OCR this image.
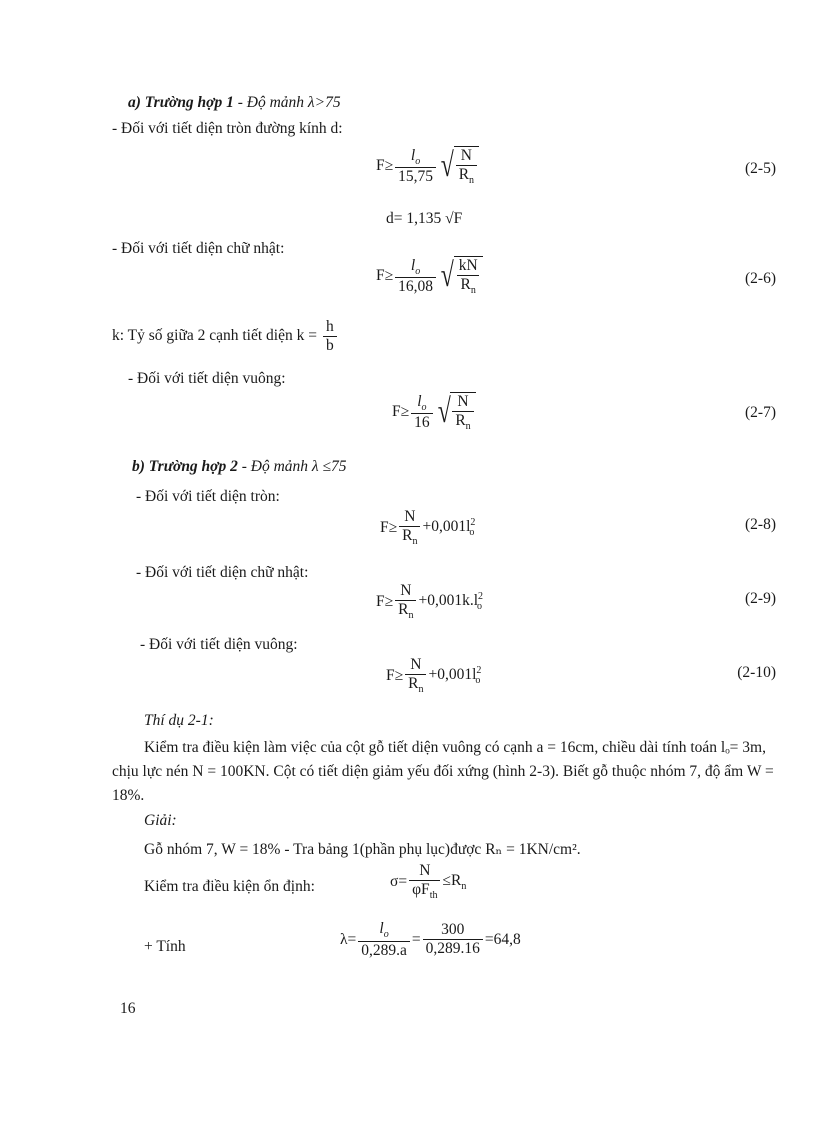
a) Trường hợp 1 - Độ mảnh λ>75
- Đối với tiết diện tròn đường kính d:
$F\ge \frac{l_o}{15,75}$ √ $\frac{N}{R_n}$	(2-5)
d= 1,135 √F
- Đối với tiết diện chữ nhật:
$F\ge \frac{l_o}{16,08}$ √ $\frac{kN}{R_n}$	(2-6)
k: Tỷ số giữa 2 cạnh tiết diện $k = \frac{h}{b}$
- Đối với tiết diện vuông:
$F\ge \frac{l_o}{16}$ √ $\frac{N}{R_n}$	(2-7)
b) Trường hợp 2 - Độ mảnh λ ≤75
- Đối với tiết diện tròn:
$F\ge \frac{N}{R_n} +0,001l^2_o$	(2-8)
- Đối với tiết diện chữ nhật:
$F\ge \frac{N}{R_n} +0,001k.l^2_o$	(2-9)
- Đối với tiết diện vuông:
$F\ge \frac{N}{R_n} +0,001l^2_o$	(2-10)
Thí dụ 2-1:
Kiểm tra điều kiện làm việc của cột gỗ tiết diện vuông có cạnh a = 16cm, chiều dài tính toán lₒ= 3m, chịu lực nén N = 100KN. Cột có tiết diện giảm yếu đối xứng (hình 2-3). Biết gỗ thuộc nhóm 7, độ ẩm W = 18%.
Giải:
Gỗ nhóm 7, W = 18% - Tra bảng 1(phần phụ lục)được Rₙ = 1KN/cm².
Kiểm tra điều kiện ổn định:	$\sigma= \frac{N}{\varphi F_{th}} \le R_n$
+ Tính	$\lambda= \frac{l_o}{0,289.a} = \frac{300}{0,289.16} =64,8$
16
